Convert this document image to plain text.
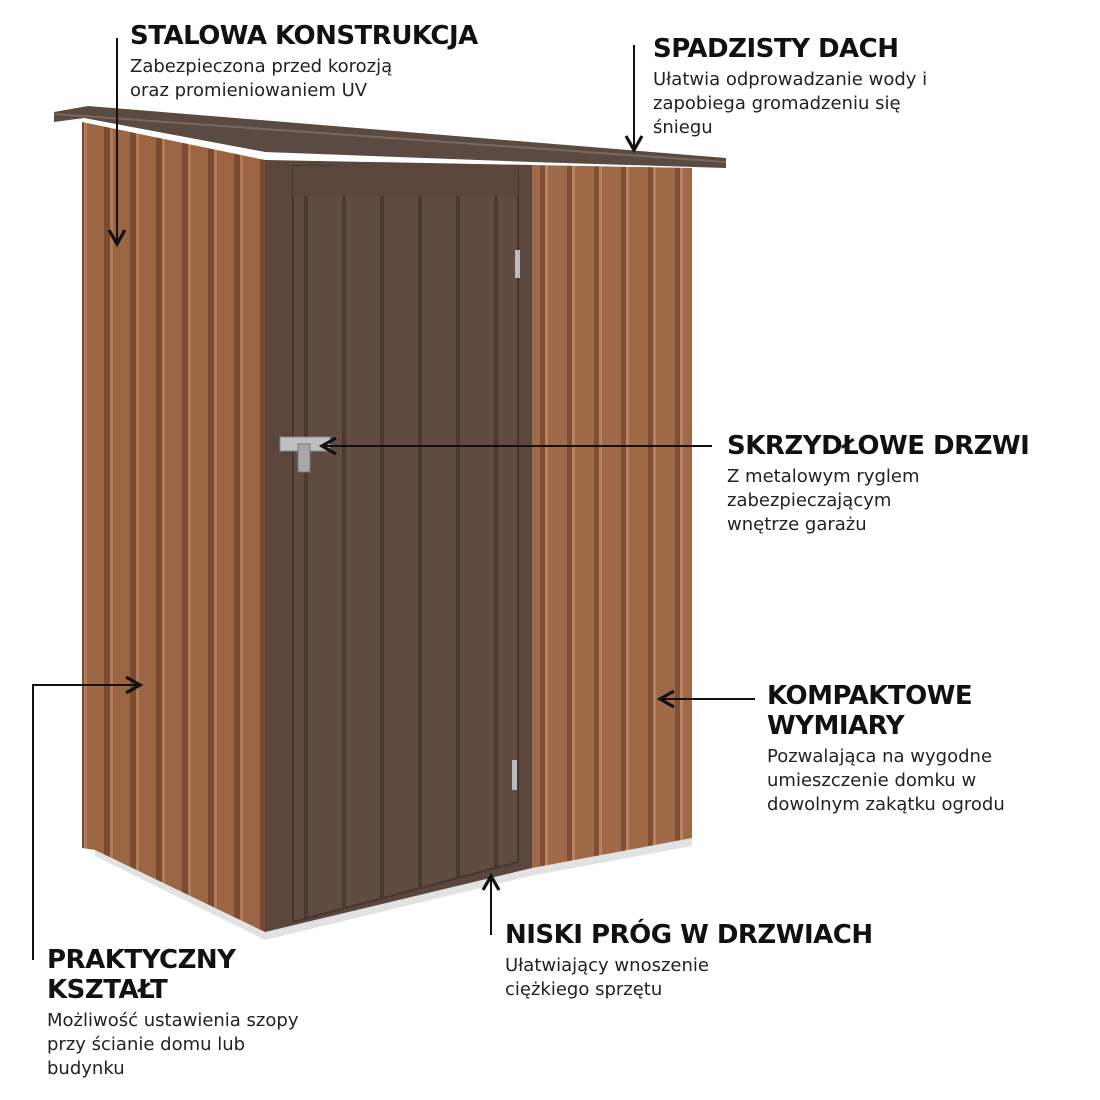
STALOWA KONSTRUKCJA

Zabezpieczona przed korozją
oraz promieniowaniem UV

SPADZISTY DACH

Ułatwia odprowadzanie wody i
zapobiega gromadzeniu się
śniegu

SKRZYDŁOWE DRZWI

Z metalowym ryglem
zabezpieczającym
wnętrze garażu

KOMPAKTOWE
WYMIARY

Pozwalająca na wygodne
umieszczenie domku w
dowolnym zakątku ogrodu

NISKI PRÓG W DRZWIACH

Ułatwiający wnoszenie
ciężkiego sprzętu

PRAKTYCZNY
KSZTAŁT

Możliwość ustawienia szopy
przy ścianie domu lub
budynku
